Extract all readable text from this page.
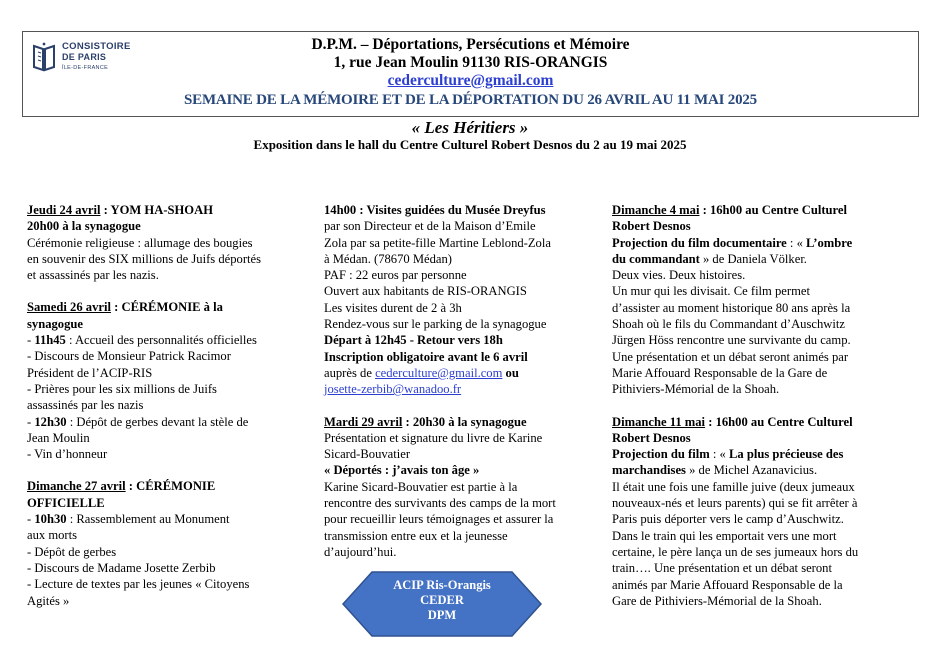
CONSISTOIRE
DE PARIS
ÎLE-DE-FRANCE
D.P.M. – Déportations, Persécutions et Mémoire
1, rue Jean Moulin 91130 RIS-ORANGIS
cederculture@gmail.com
SEMAINE DE LA MÉMOIRE ET DE LA DÉPORTATION DU 26 AVRIL AU 11 MAI 2025
« Les Héritiers »
Exposition dans le hall du Centre Culturel Robert Desnos du 2 au 19 mai 2025

Jeudi 24 avril : YOM HA-SHOAH

20h00 à la synagogue

Cérémonie religieuse : allumage des bougies

en souvenir des SIX millions de Juifs déportés

et assassinés par les nazis.

Samedi 26 avril : CÉRÉMONIE à la

synagogue

- 11h45 : Accueil des personnalités officielles

- Discours de Monsieur Patrick Racimor

Président de l’ACIP-RIS

- Prières pour les six millions de Juifs

assassinés par les nazis

- 12h30 : Dépôt de gerbes devant la stèle de

Jean Moulin

- Vin d’honneur

Dimanche 27 avril : CÉRÉMONIE

OFFICIELLE

- 10h30 : Rassemblement au Monument

aux morts

- Dépôt de gerbes

- Discours de Madame Josette Zerbib

- Lecture de textes par les jeunes « Citoyens

Agités »

14h00 : Visites guidées du Musée Dreyfus

par son Directeur et de la Maison d’Emile

Zola par sa petite-fille Martine Leblond-Zola

à Médan. (78670 Médan)

PAF : 22 euros par personne

Ouvert aux habitants de RIS-ORANGIS

Les visites durent de 2 à 3h

Rendez-vous sur le parking de la synagogue

Départ à 12h45 - Retour vers 18h

Inscription obligatoire avant le 6 avril

auprès de cederculture@gmail.com ou

josette-zerbib@wanadoo.fr

Mardi 29 avril : 20h30 à la synagogue

Présentation et signature du livre de Karine

Sicard-Bouvatier

« Déportés : j’avais ton âge »

Karine Sicard-Bouvatier est partie à la

rencontre des survivants des camps de la mort

pour recueillir leurs témoignages et assurer la

transmission entre eux et la jeunesse

d’aujourd’hui.

Dimanche 4 mai : 16h00 au Centre Culturel

Robert Desnos

Projection du film documentaire : « L’ombre

du commandant » de Daniela Völker.

Deux vies. Deux histoires.

Un mur qui les divisait. Ce film permet

d’assister au moment historique 80 ans après la

Shoah où le fils du Commandant d’Auschwitz

Jürgen Höss rencontre une survivante du camp.

Une présentation et un débat seront animés par

Marie Affouard Responsable de la Gare de

Pithiviers-Mémorial de la Shoah.

Dimanche 11 mai : 16h00 au Centre Culturel

Robert Desnos

Projection du film : « La plus précieuse des

marchandises » de Michel Azanavicius.

Il était une fois une famille juive (deux jumeaux

nouveaux-nés et leurs parents) qui se fit arrêter à

Paris puis déporter vers le camp d’Auschwitz.

Dans le train qui les emportait vers une mort

certaine, le père lança un de ses jumeaux hors du

train…. Une présentation et un débat seront

animés par Marie Affouard Responsable de la

Gare de Pithiviers-Mémorial de la Shoah.

ACIP Ris-Orangis
CEDER
DPM
